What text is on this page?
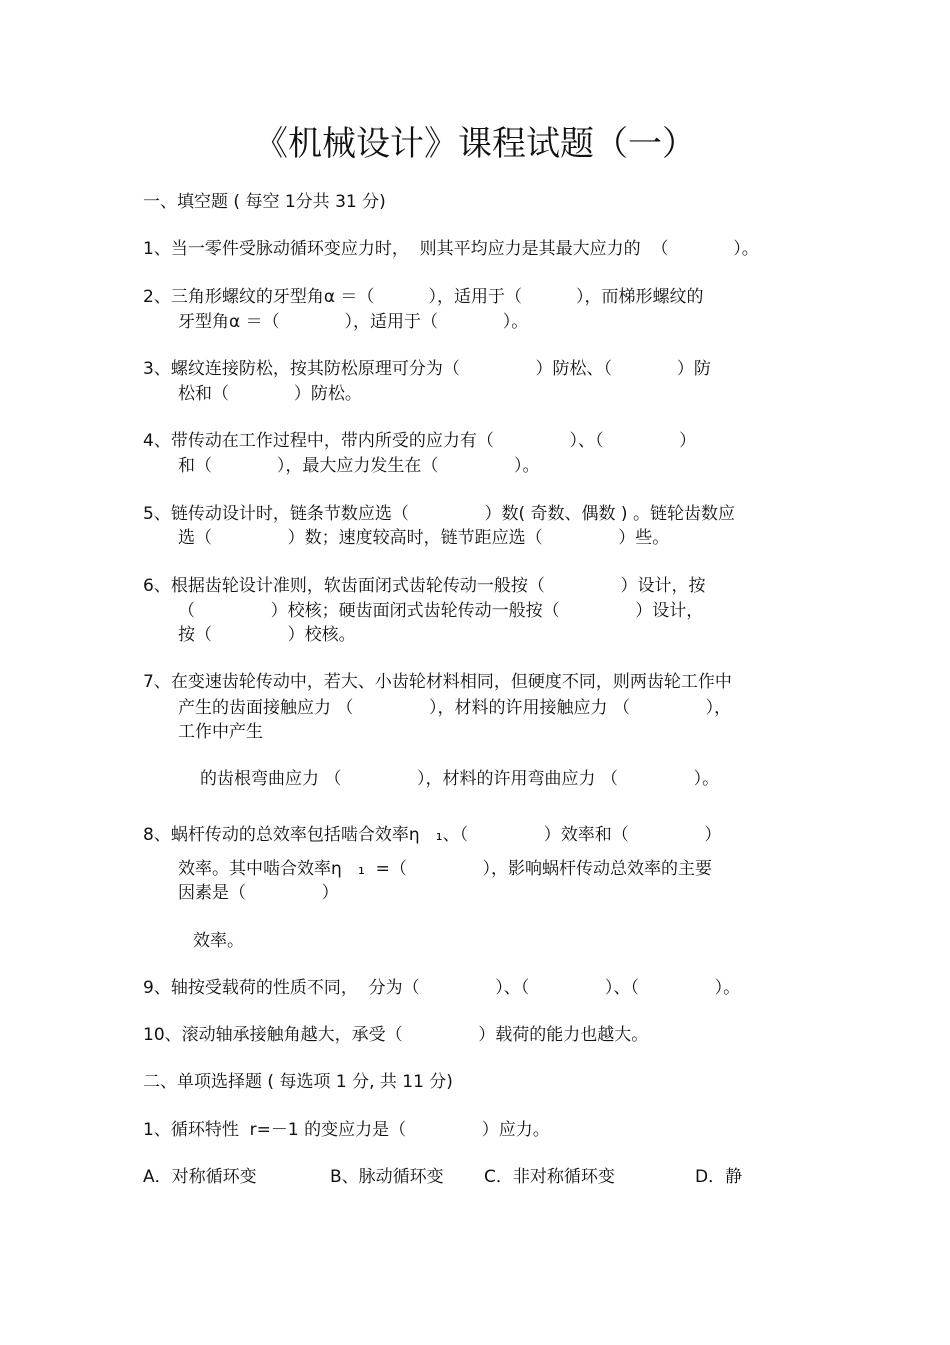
《机械设计》课程试题（一）
一、填空题 ( 每空 1分共 31 分)
1、当一零件受脉动循环变应力时，  则其平均应力是其最大应力的  （            ）。
2、三角形螺纹的牙型角α ＝（          ），适用于（          ），而梯形螺纹的
牙型角α ＝（            ），适用于（            ）。
3、螺纹连接防松，按其防松原理可分为（              ）防松、（            ）防
松和（            ）防松。
4、带传动在工作过程中，带内所受的应力有（              ）、（              ）
和（            ），最大应力发生在（              ）。
5、链传动设计时，链条节数应选（              ）数( 奇数、偶数 ) 。链轮齿数应
选（              ）数；速度较高时，链节距应选（              ）些。
6、根据齿轮设计准则，软齿面闭式齿轮传动一般按（              ）设计，按
（              ）校核；硬齿面闭式齿轮传动一般按（              ）设计，
按（              ）校核。
7、在变速齿轮传动中，若大、小齿轮材料相同，但硬度不同，则两齿轮工作中
产生的齿面接触应力 （              ），材料的许用接触应力 （              ），
工作中产生
的齿根弯曲应力 （              ），材料的许用弯曲应力 （              ）。
8、蜗杆传动的总效率包括啮合效率η   ₁、（              ）效率和（              ）
效率。其中啮合效率η   ₁  =（              ），影响蜗杆传动总效率的主要
因素是（              ）
效率。
9、轴按受载荷的性质不同，  分为（              ）、（              ）、（              ）。
10、滚动轴承接触角越大，承受（              ）载荷的能力也越大。
二、单项选择题 ( 每选项 1 分, 共 11 分)
1、循环特性  r=－1 的变应力是（              ）应力。
A．对称循环变	B、脉动循环变 C．非对称循环变	D．静
